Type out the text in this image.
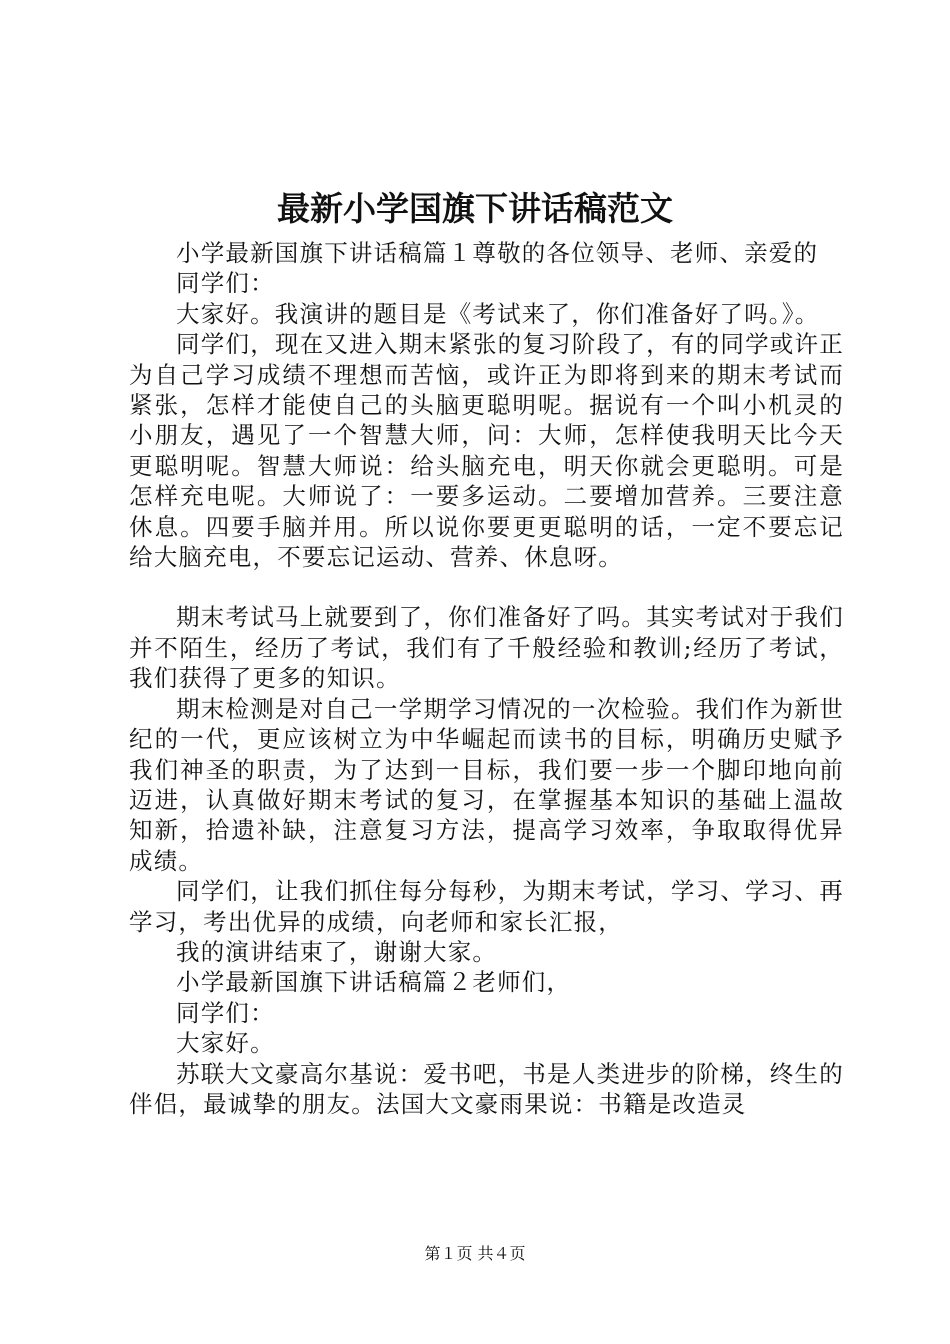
最新小学国旗下讲话稿范文

小学最新国旗下讲话稿篇１尊敬的各位领导、老师、亲爱的

同学们：

大家好。我演讲的题目是《考试来了，你们准备好了吗。》。

同学们，现在又进入期末紧张的复习阶段了，有的同学或许正为自己学习成绩不理想而苦恼，或许正为即将到来的期末考试而紧张，怎样才能使自己的头脑更聪明呢。据说有一个叫小机灵的小朋友，遇见了一个智慧大师，问：大师，怎样使我明天比今天更聪明呢。智慧大师说：给头脑充电，明天你就会更聪明。可是怎样充电呢。大师说了：一要多运动。二要增加营养。三要注意休息。四要手脑并用。所以说你要更更聪明的话，一定不要忘记给大脑充电，不要忘记运动、营养、休息呀。

期末考试马上就要到了，你们准备好了吗。其实考试对于我们并不陌生，经历了考试，我们有了千般经验和教训;经历了考试，我们获得了更多的知识。

期末检测是对自己一学期学习情况的一次检验。我们作为新世纪的一代，更应该树立为中华崛起而读书的目标，明确历史赋予我们神圣的职责，为了达到一目标，我们要一步一个脚印地向前迈进，认真做好期末考试的复习，在掌握基本知识的基础上温故知新，拾遗补缺，注意复习方法，提高学习效率，争取取得优异成绩。

同学们，让我们抓住每分每秒，为期末考试，学习、学习、再学习，考出优异的成绩，向老师和家长汇报，

我的演讲结束了，谢谢大家。

小学最新国旗下讲话稿篇２老师们，

同学们：

大家好。

苏联大文豪高尔基说：爱书吧，书是人类进步的阶梯，终生的伴侣，最诚挚的朋友。法国大文豪雨果说：书籍是改造灵

第１页 共４页
